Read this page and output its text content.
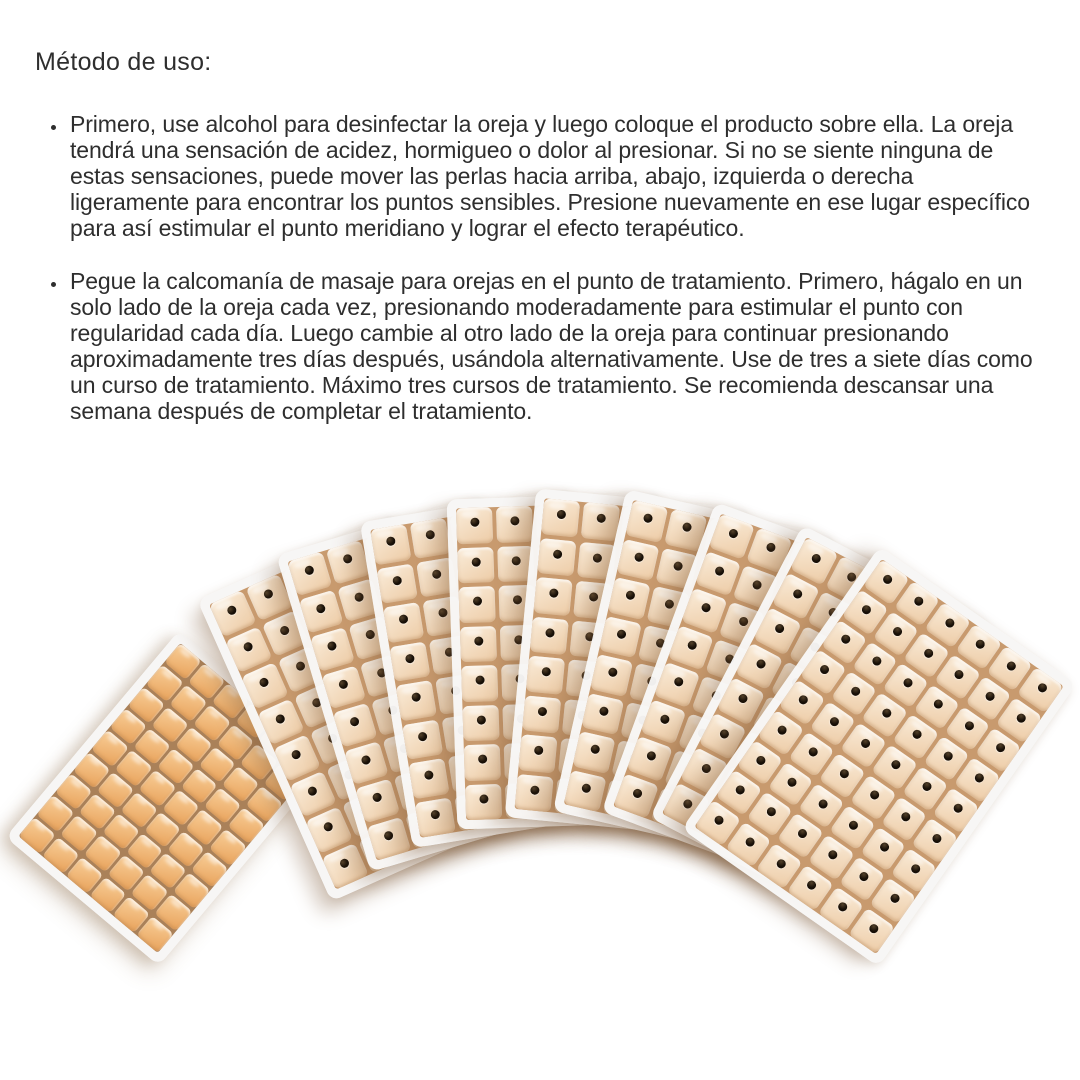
Método de uso:
• Primero, use alcohol para desinfectar la oreja y luego coloque el producto sobre ella. La oreja tendrá una sensación de acidez, hormigueo o dolor al presionar. Si no se siente ninguna de estas sensaciones, puede mover las perlas hacia arriba, abajo, izquierda o derecha ligeramente para encontrar los puntos sensibles. Presione nuevamente en ese lugar específico para así estimular el punto meridiano y lograr el efecto terapéutico.
• Pegue la calcomanía de masaje para orejas en el punto de tratamiento. Primero, hágalo en un solo lado de la oreja cada vez, presionando moderadamente para estimular el punto con regularidad cada día. Luego cambie al otro lado de la oreja para continuar presionando aproximadamente tres días después, usándola alternativamente. Use de tres a siete días como un curso de tratamiento. Máximo tres cursos de tratamiento. Se recomienda descansar una semana después de completar el tratamiento.
